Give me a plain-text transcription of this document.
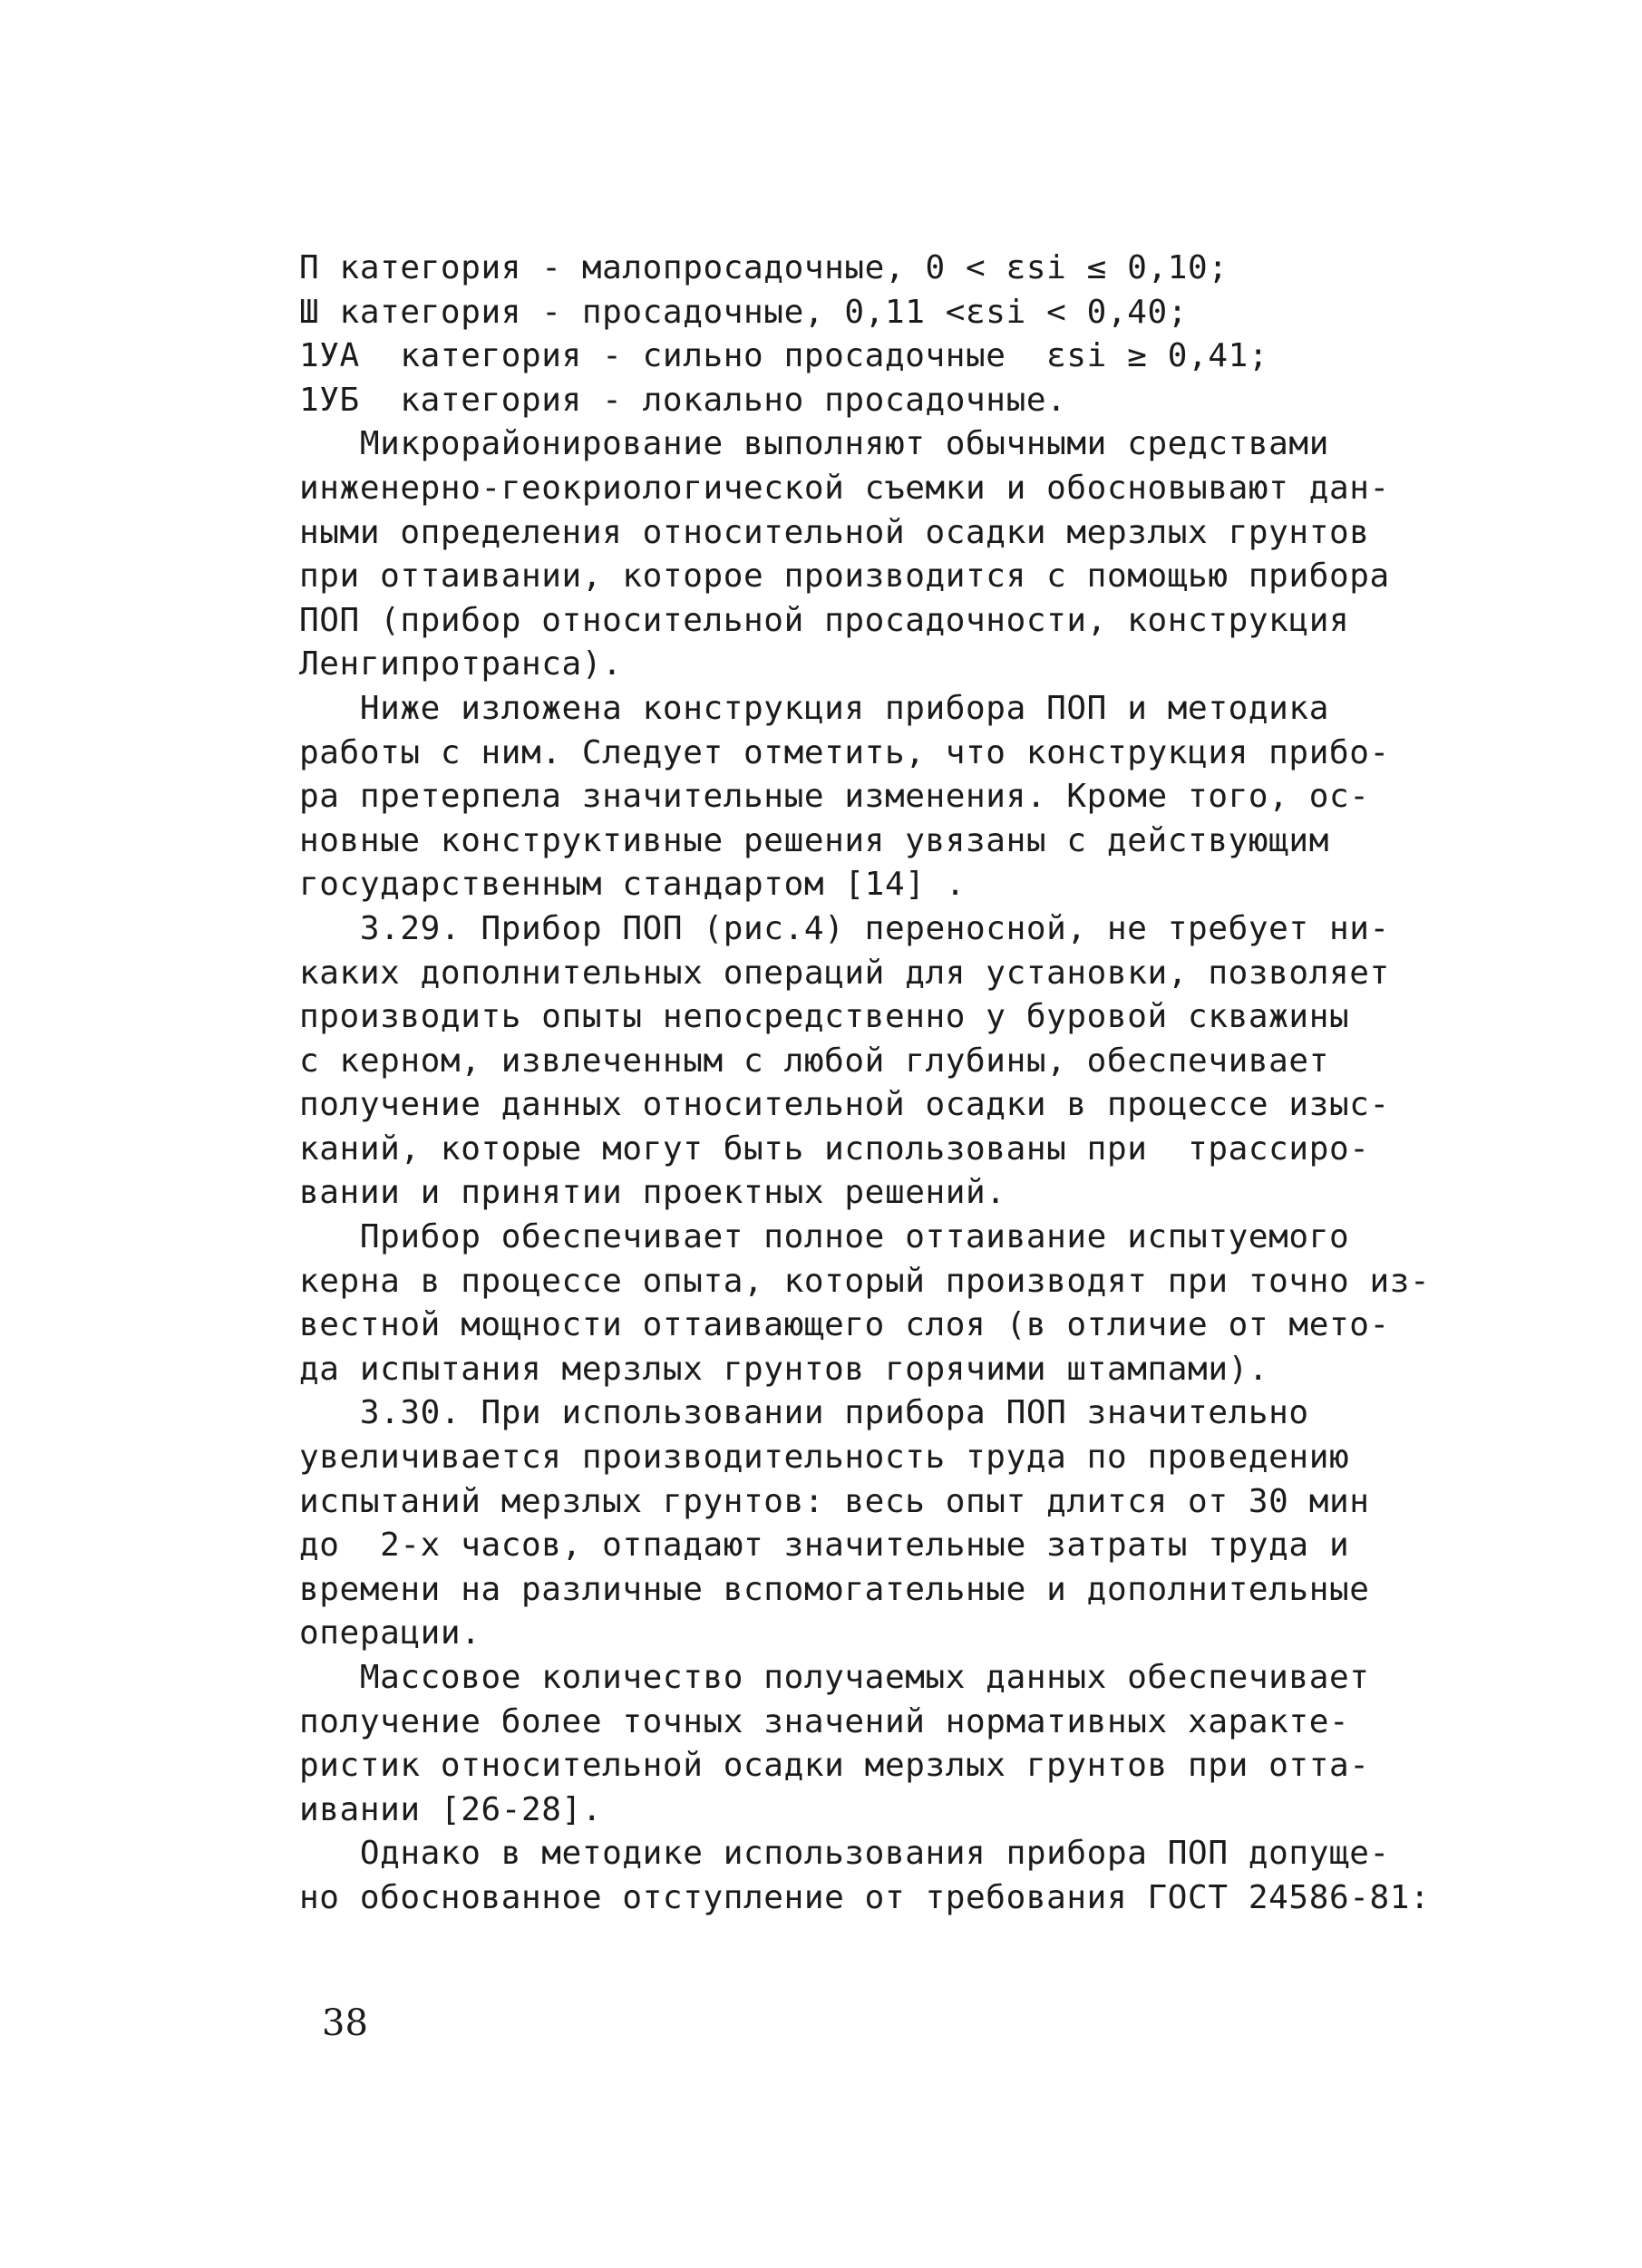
П категория - малопросадочные, 0 < εsi ≤ 0,10;
Ш категория - просадочные, 0,11 <εsi < 0,40;
1УА  категория - сильно просадочные  εsi ≥ 0,41;
1УБ  категория - локально просадочные.
Микрорайонирование выполняют обычными средствами
инженерно-геокриологической съемки и обосновывают дан-
ными определения относительной осадки мерзлых грунтов
при оттаивании, которое производится с помощью прибора
ПОП (прибор относительной просадочности, конструкция
Ленгипротранса).
Ниже изложена конструкция прибора ПОП и методика
работы с ним. Следует отметить, что конструкция прибо-
ра претерпела значительные изменения. Кроме того, ос-
новные конструктивные решения увязаны с действующим
государственным стандартом [14] .
3.29. Прибор ПОП (рис.4) переносной, не требует ни-
каких дополнительных операций для установки, позволяет
производить опыты непосредственно у буровой скважины
с керном, извлеченным с любой глубины, обеспечивает
получение данных относительной осадки в процессе изыс-
каний, которые могут быть использованы при  трассиро-
вании и принятии проектных решений.
Прибор обеспечивает полное оттаивание испытуемого
керна в процессе опыта, который производят при точно из-
вестной мощности оттаивающего слоя (в отличие от мето-
да испытания мерзлых грунтов горячими штампами).
3.30. При использовании прибора ПОП значительно
увеличивается производительность труда по проведению
испытаний мерзлых грунтов: весь опыт длится от 30 мин
до  2-х часов, отпадают значительные затраты труда и
времени на различные вспомогательные и дополнительные
операции.
Массовое количество получаемых данных обеспечивает
получение более точных значений нормативных характе-
ристик относительной осадки мерзлых грунтов при отта-
ивании [26-28].
Однако в методике использования прибора ПОП допуще-
но обоснованное отступление от требования ГОСТ 24586-81:
38
